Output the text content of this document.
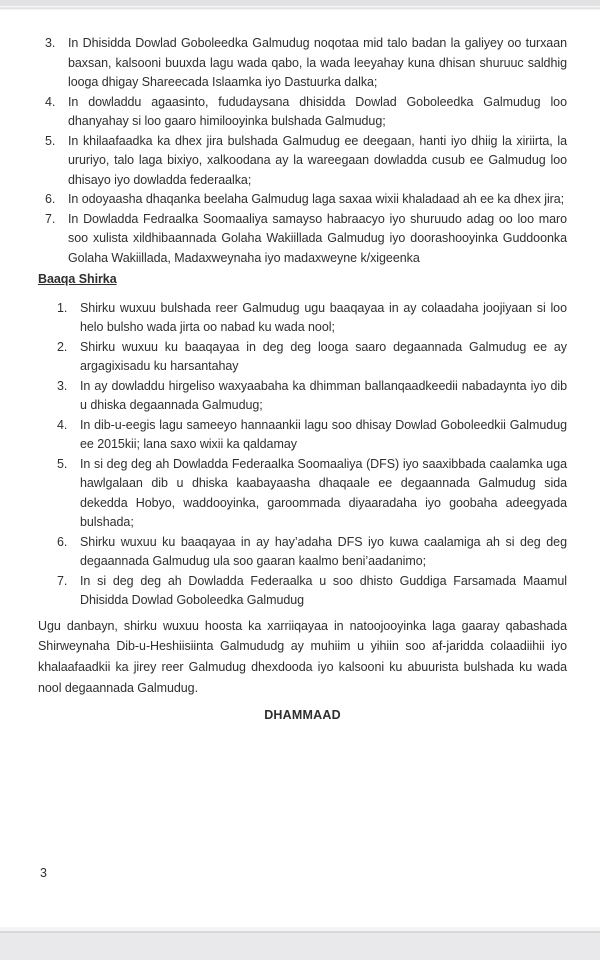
3.	In Dhisidda Dowlad Goboleedka Galmudug noqotaa mid talo badan la galiyey oo turxaan baxsan, kalsooni buuxda lagu wada qabo, la wada leeyahay kuna dhisan shuruuc saldhig looga dhigay Shareecada Islaamka iyo Dastuurka dalka;
4.	In dowladdu agaasinto, fududaysana dhisidda Dowlad Goboleedka Galmudug loo dhanyahay si loo gaaro himilooyinka bulshada Galmudug;
5.	In khilaafaadka ka dhex jira bulshada Galmudug ee deegaan, hanti iyo dhiig la xiriirta, la ururiyo, talo laga bixiyo, xalkoodana ay la wareegaan dowladda cusub ee Galmudug loo dhisayo iyo dowladda federaalka;
6.	In odoyaasha dhaqanka beelaha Galmudug laga saxaa wixii khaladaad ah ee ka dhex jira;
7.	In Dowladda Fedraalka Soomaaliya samayso habraacyo iyo shuruudo adag oo loo maro soo xulista xildhibaannada Golaha Wakiillada Galmudug iyo doorashooyinka Guddoonka Golaha Wakiillada, Madaxweynaha iyo madaxweyne k/xigeenka
Baaqa Shirka
1.	Shirku wuxuu bulshada reer Galmudug ugu baaqayaa in ay colaadaha joojiyaan si loo helo bulsho wada jirta oo nabad ku wada nool;
2.	Shirku wuxuu ku baaqayaa in deg deg looga saaro degaannada Galmudug ee ay argagixisadu ku harsantahay
3.	In ay dowladdu hirgeliso waxyaabaha ka dhimman ballanqaadkeedii nabadaynta iyo dib u dhiska degaannada Galmudug;
4.	In dib-u-eegis lagu sameeyo hannaankii lagu soo dhisay Dowlad Goboleedkii Galmudug ee 2015kii; lana saxo wixii ka qaldamay
5.	In si deg deg ah Dowladda Federaalka Soomaaliya (DFS) iyo saaxibbada caalamka uga hawlgalaan dib u dhiska kaabayaasha dhaqaale ee degaannada Galmudug sida dekedda Hobyo, waddooyinka, garoommada diyaaradaha iyo goobaha adeegyada bulshada;
6.	Shirku wuxuu ku baaqayaa in ay hay’adaha DFS iyo kuwa caalamiga ah si deg deg degaannada Galmudug ula soo gaaran kaalmo beni’aadanimo;
7.	In si deg deg ah Dowladda Federaalka u soo dhisto Guddiga Farsamada Maamul Dhisidda Dowlad Goboleedka Galmudug

Ugu danbayn, shirku wuxuu hoosta ka xarriiqayaa in natoojooyinka laga gaaray qabashada Shirweynaha Dib-u-Heshiisiinta Galmududg ay muhiim u yihiin soo af-jaridda colaadiihii iyo khalaafaadkii ka jirey reer Galmudug dhexdooda iyo kalsooni ku abuurista bulshada ku wada nool degaannada Galmudug.

DHAMMAAD
3
